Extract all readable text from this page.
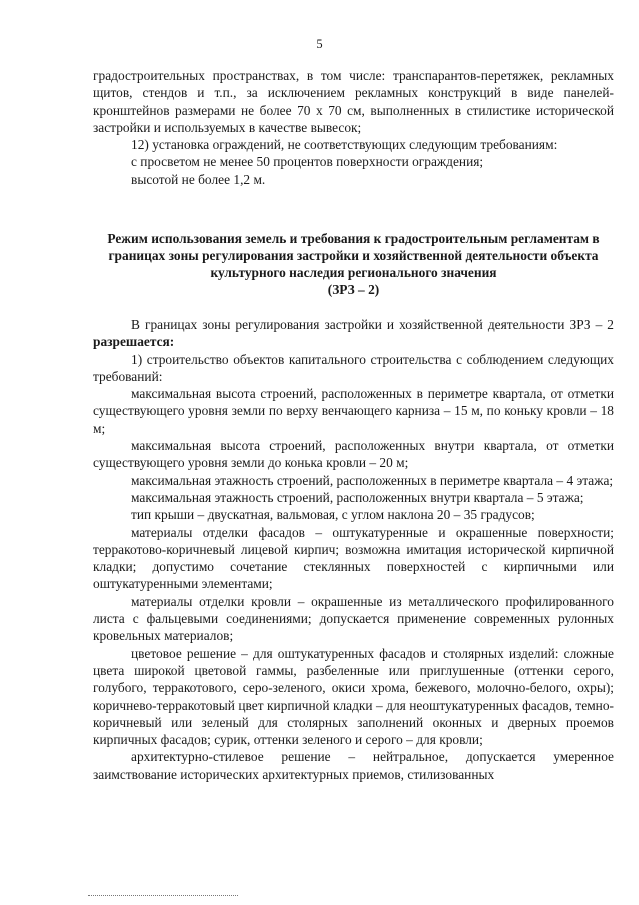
5

градостроительных пространствах, в том числе: транспарантов-перетяжек, рекламных щитов, стендов и т.п., за исключением рекламных конструкций в виде панелей-кронштейнов размерами не более 70 х 70 см, выполненных в стилистике исторической застройки и используемых в качестве вывесок;

12) установка ограждений, не соответствующих следующим требованиям:

с просветом не менее 50 процентов поверхности ограждения;

высотой не более 1,2 м.

Режим использования земель и требования к градостроительным регламентам в границах зоны регулирования застройки и хозяйственной деятельности объекта культурного наследия регионального значения

(ЗРЗ – 2)

В границах зоны регулирования застройки и хозяйственной деятельности ЗРЗ – 2 разрешается:

1) строительство объектов капитального строительства с соблюдением следующих требований:

максимальная высота строений, расположенных в периметре квартала, от отметки существующего уровня земли по верху венчающего карниза – 15 м, по коньку кровли – 18 м;

максимальная высота строений, расположенных внутри квартала, от отметки существующего уровня земли до конька кровли – 20 м;

максимальная этажность строений, расположенных в периметре квартала – 4 этажа;

максимальная этажность строений, расположенных внутри квартала – 5 этажа;

тип крыши – двускатная, вальмовая, с углом наклона 20 – 35 градусов;

материалы отделки фасадов – оштукатуренные и окрашенные поверхности; терракотово-коричневый лицевой кирпич; возможна имитация исторической кирпичной кладки; допустимо сочетание стеклянных поверхностей с кирпичными или оштукатуренными элементами;

материалы отделки кровли – окрашенные из металлического профилированного листа с фальцевыми соединениями; допускается применение современных рулонных кровельных материалов;

цветовое решение – для оштукатуренных фасадов и столярных изделий: сложные цвета широкой цветовой гаммы, разбеленные или приглушенные (оттенки серого, голубого, терракотового, серо-зеленого, окиси хрома, бежевого, молочно-белого, охры); коричнево-терракотовый цвет кирпичной кладки – для неоштукатуренных фасадов, темно-коричневый или зеленый для столярных заполнений оконных и дверных проемов кирпичных фасадов; сурик, оттенки зеленого и серого – для кровли;

архитектурно-стилевое решение – нейтральное, допускается умеренное заимствование исторических архитектурных приемов, стилизованных
